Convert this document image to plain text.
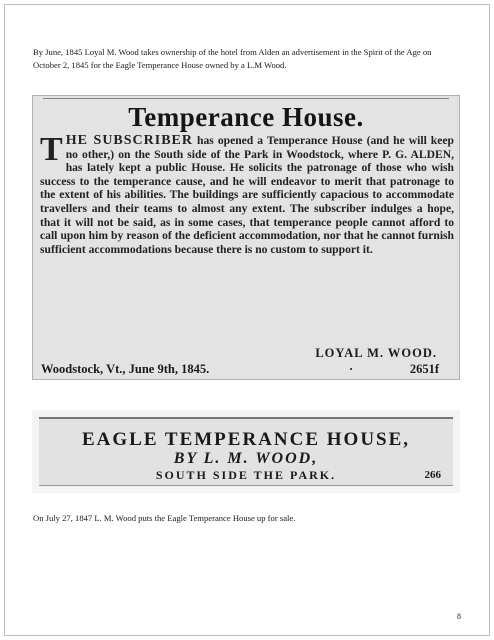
By June, 1845 Loyal M. Wood takes ownership of the hotel from Alden an advertisement in the Spirit of the Age on October 2, 1845 for the Eagle Temperance House owned by a L.M Wood.

Temperance House.
THE SUBSCRIBER has opened a Temperance House (and he will keep no other,) on the South side of the Park in Woodstock, where P. G. ALDEN, has lately kept a public House. He solicits the patronage of those who wish success to the temperance cause, and he will endeavor to merit that patronage to the extent of his abilities. The buildings are sufficiently capacious to accommodate travellers and their teams to almost any extent. The subscriber indulges a hope, that it will not be said, as in some cases, that temperance people cannot afford to call upon him by reason of the deficient accommodation, nor that he cannot furnish sufficient accommodations because there is no custom to support it.
LOYAL M. WOOD.
Woodstock, Vt., June 9th, 1845.	·	2651f
EAGLE TEMPERANCE HOUSE,
BY L. M. WOOD,
SOUTH SIDE THE PARK.	266

On July 27, 1847 L. M. Wood puts the Eagle Temperance House up for sale.

8
